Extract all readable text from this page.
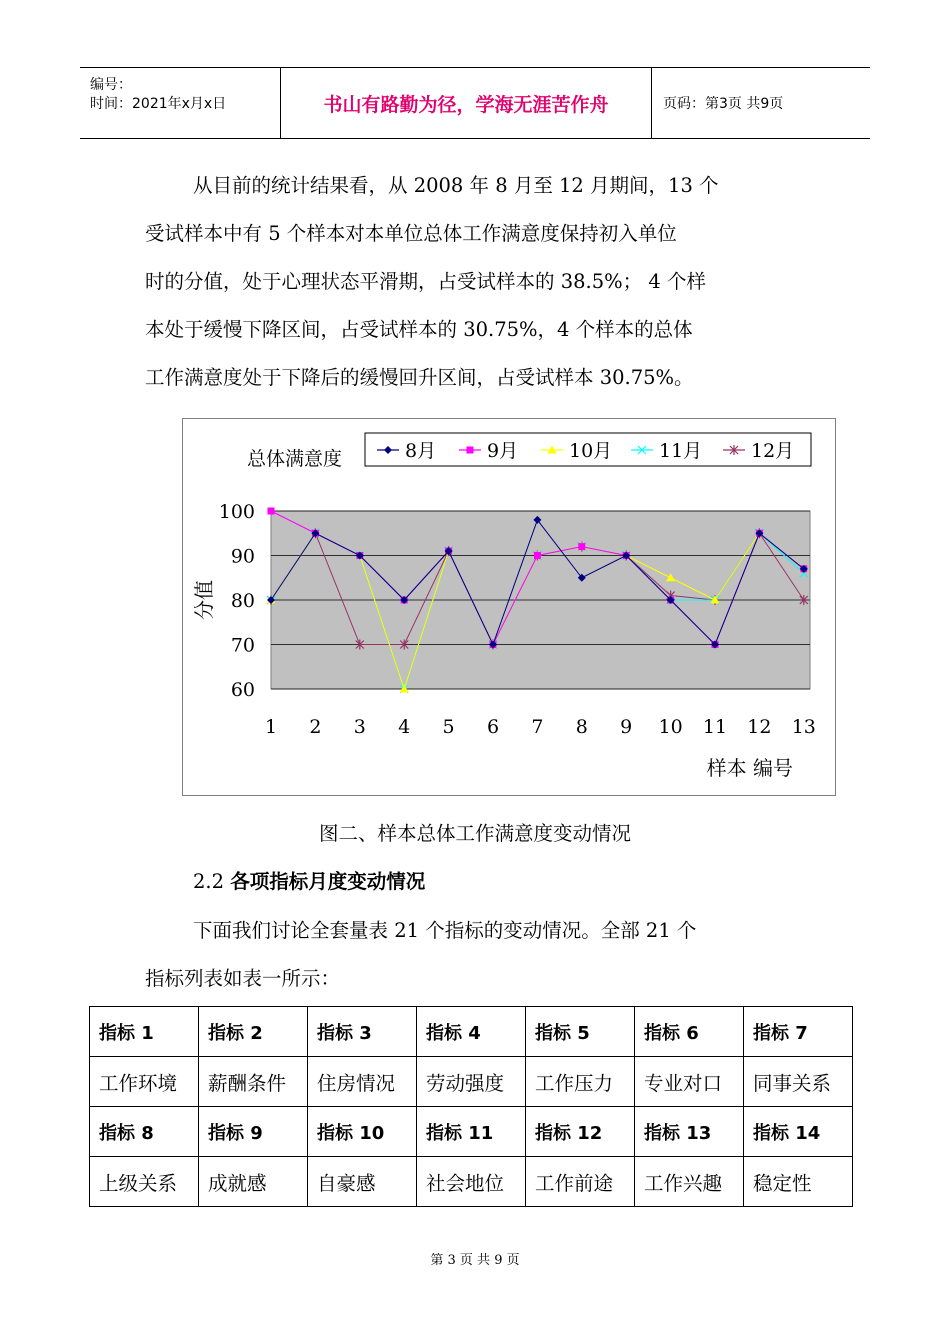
编号：
时间：2021年x月x日	书山有路勤为径，学海无涯苦作舟	页码：第3页 共9页
从目前的统计结果看，从 2008 年 8 月至 12 月期间，13 个
受试样本中有 5 个样本对本单位总体工作满意度保持初入单位
时的分值，处于心理状态平滑期，占受试样本的 38.5%； 4 个样
本处于缓慢下降区间，占受试样本的 30.75%，4 个样本的总体
工作满意度处于下降后的缓慢回升区间，占受试样本 30.75%。
60
70
80
90
100
1 2 3 4 5 6 7 8 9 10 11 12 13
分值
样本 编号
总体满意度	8月	9月	10月 11月	12月
图二、样本总体工作满意度变动情况
2.2 各项指标月度变动情况
下面我们讨论全套量表 21 个指标的变动情况。全部 21 个
指标列表如表一所示：
指标 1	指标 2	指标 3	指标 4	指标 5	指标 6	指标 7
工作环境	薪酬条件	住房情况	劳动强度	工作压力	专业对口	同事关系
指标 8	指标 9	指标 10	指标 11	指标 12	指标 13	指标 14
上级关系	成就感	自豪感	社会地位	工作前途	工作兴趣	稳定性
第 3 页 共 9 页
